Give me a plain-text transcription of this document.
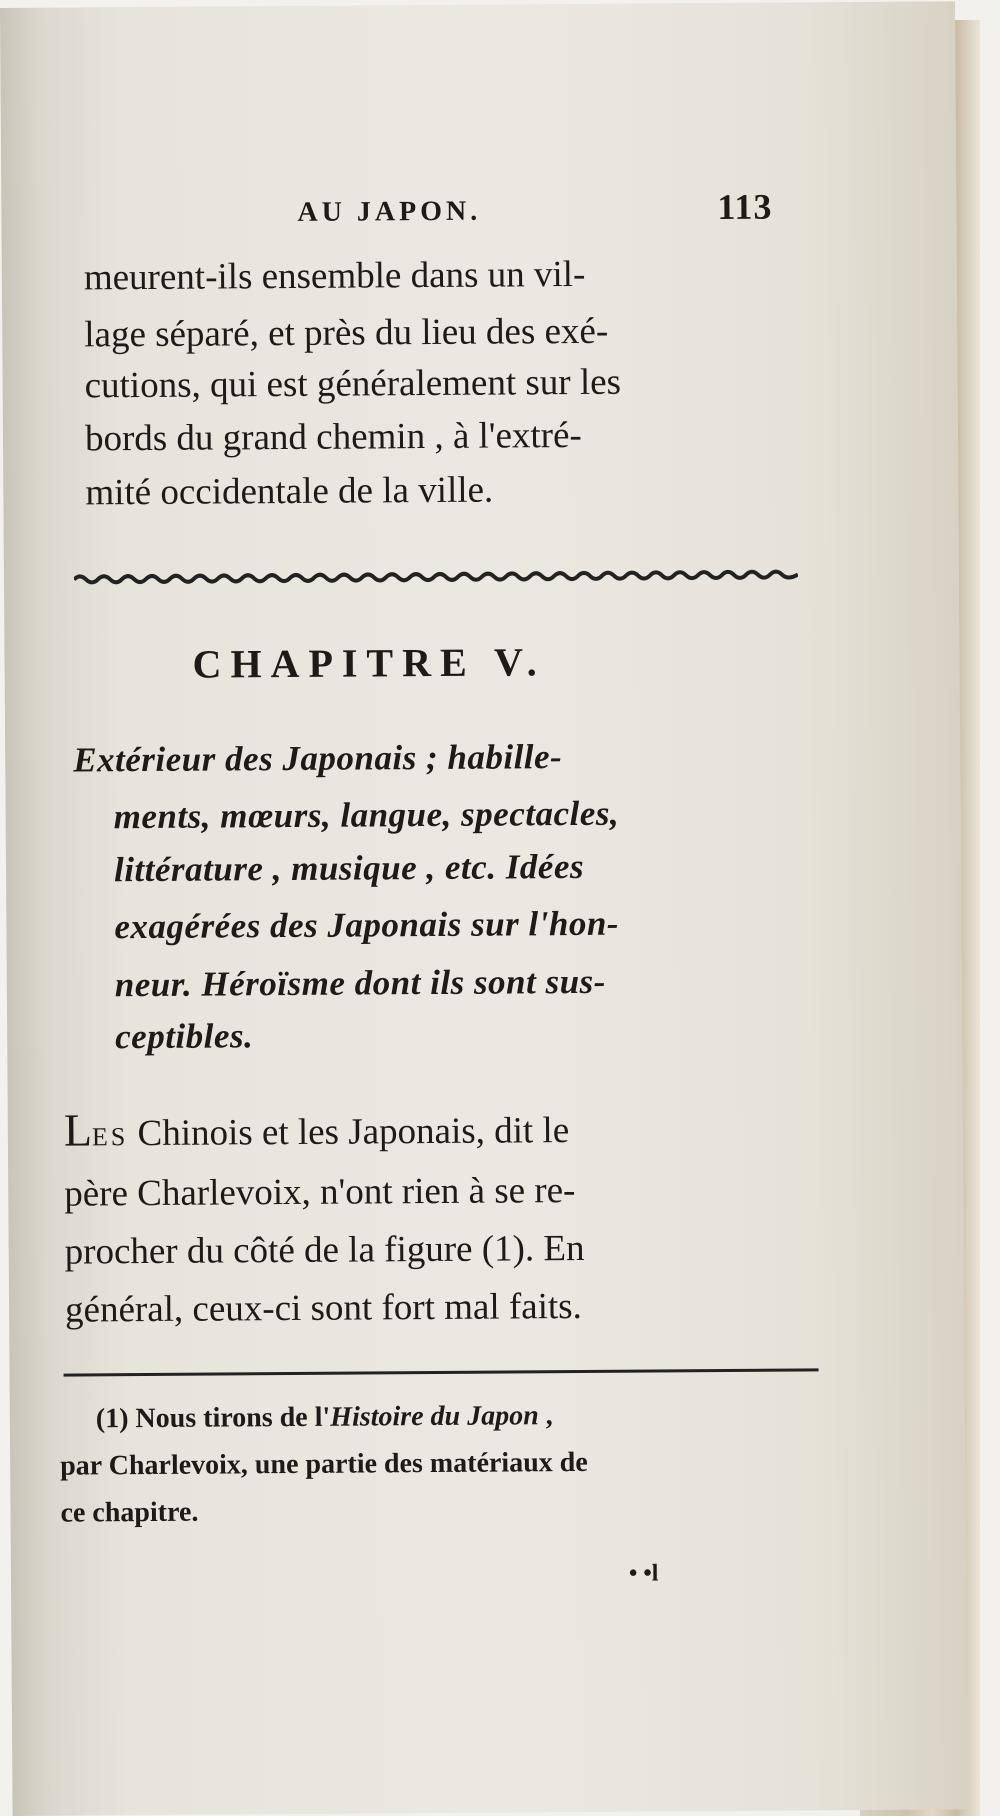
AU JAPON.	113
meurent-ils ensemble dans un vil-
lage séparé, et près du lieu des exé-
cutions, qui est généralement sur les
bords du grand chemin , à l'extré-
mité occidentale de la ville.
CHAPITRE V.
Extérieur des Japonais ; habille-
ments, mœurs, langue, spectacles,
littérature , musique , etc. Idées
exagérées des Japonais sur l'hon-
neur. Héroïsme dont ils sont sus-
ceptibles.
LES Chinois et les Japonais, dit le
père Charlevoix, n'ont rien à se re-
procher du côté de la figure (1). En
général, ceux-ci sont fort mal faits.
(1) Nous tirons de l'Histoire du Japon ,
par Charlevoix, une partie des matériaux de
ce chapitre.
• •l
